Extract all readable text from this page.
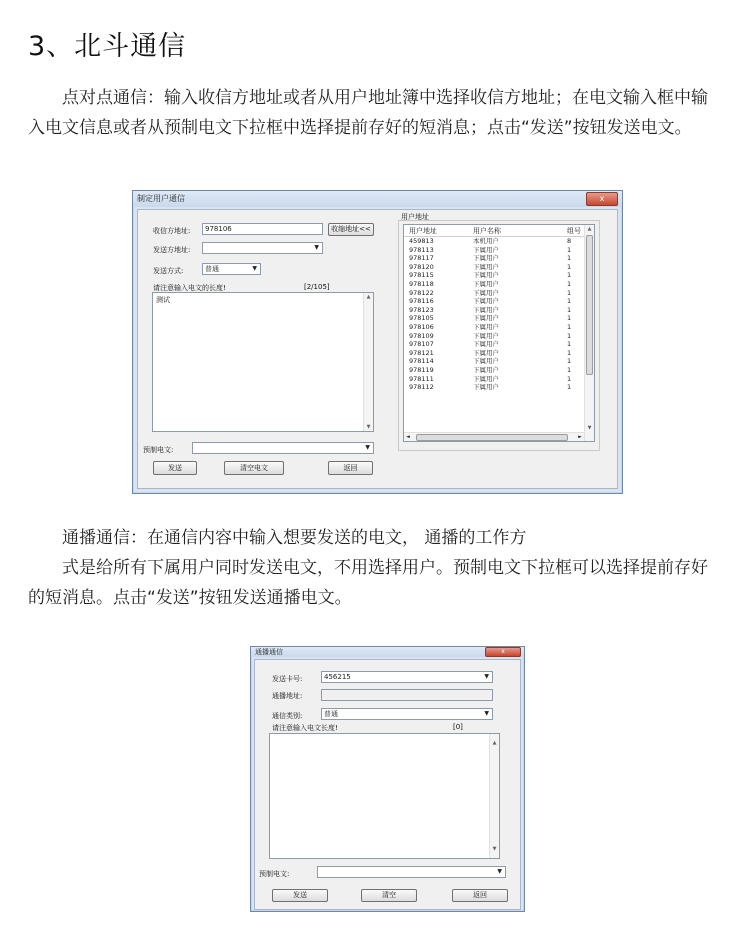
3、北斗通信
点对点通信：输入收信方地址或者从用户地址簿中选择收信方地址；在电文输入框中输入电文信息或者从预制电文下拉框中选择提前存好的短消息；点击“发送”按钮发送电文。
通播通信：在通信内容中输入想要发送的电文， 通播的工作方
式是给所有下属用户同时发送电文，不用选择用户。预制电文下拉框可以选择提前存好的短消息。点击“发送”按钮发送通播电文。
制定用户通信	x
收信方地址:	978106	收缩地址<<
发送方地址:	▼
发送方式:	普通	▼
请注意输入电文的长度!	[2/105]
测试	▲
▼
预制电文:	▼
发送	清空电文	返回
用户地址
用户地址	用户名称	组号	▲
▼
◄	►
459813	本机用户	8
978113	下属用户	1
978117	下属用户	1
978120	下属用户	1
978115	下属用户	1
978118	下属用户	1
978122	下属用户	1
978116	下属用户	1
978123	下属用户	1
978105	下属用户	1
978106	下属用户	1
978109	下属用户	1
978107	下属用户	1
978121	下属用户	1
978114	下属用户	1
978119	下属用户	1
978111	下属用户	1
978112	下属用户	1
通播通信	x
发送卡号:	456215	▼
通播地址:
通信类别:	普通	▼
请注意输入电文长度!	[0]
▲
▼
预制电文:	▼
发送	清空	返回
